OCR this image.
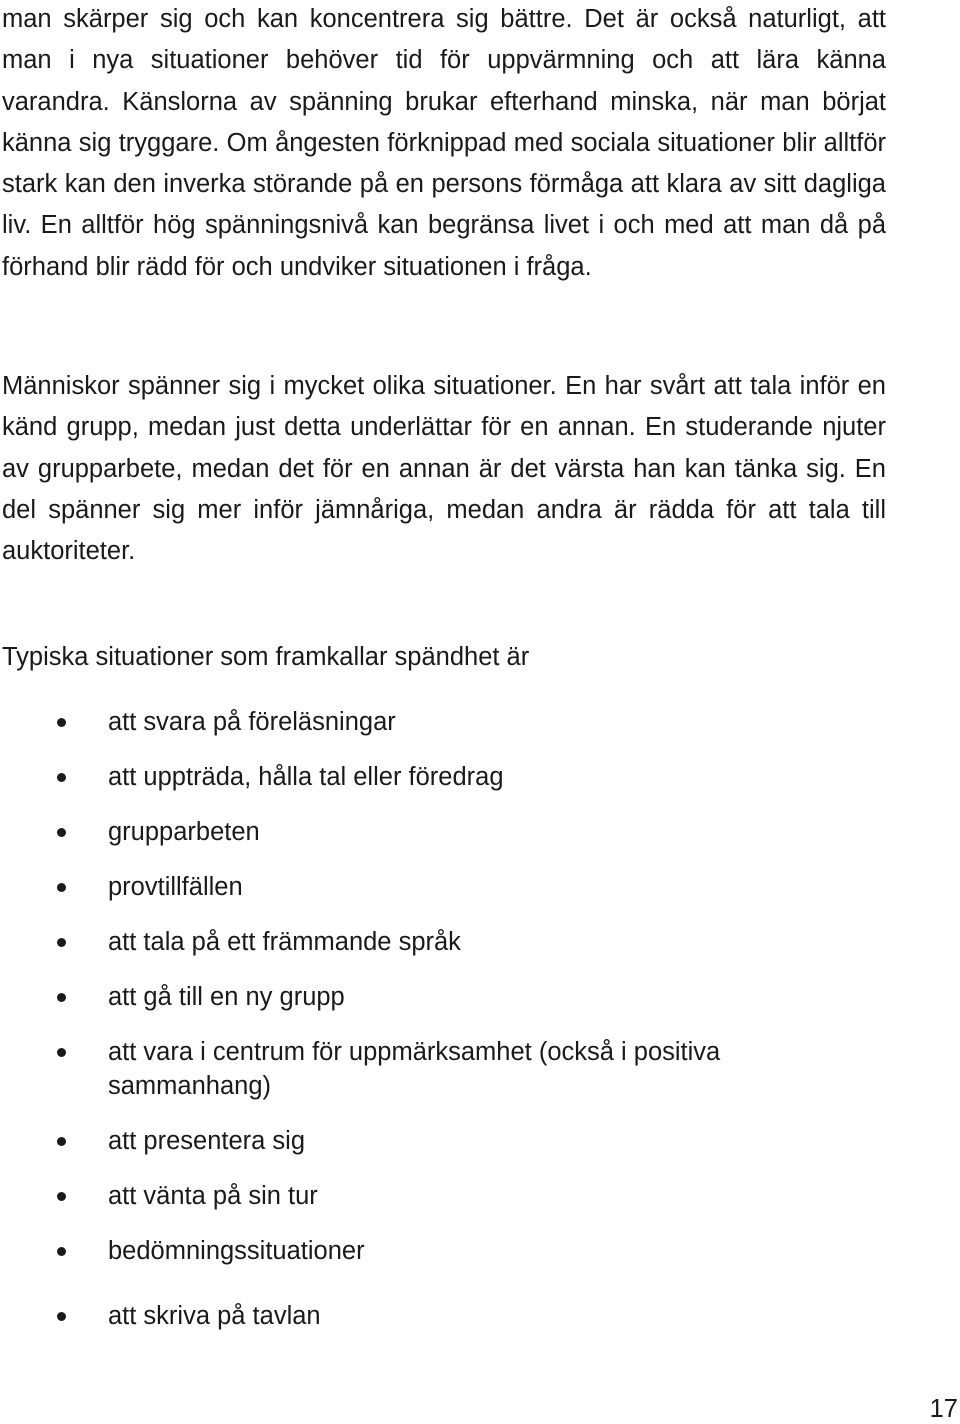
man skärper sig och kan koncentrera sig bättre. Det är också naturligt, att man i nya situationer behöver tid för uppvärmning och att lära känna varandra. Känslorna av spänning brukar efterhand minska, när man börjat känna sig tryggare. Om ångesten förknippad med sociala situationer blir alltför stark kan den inverka störande på en persons förmåga att klara av sitt dagliga liv. En alltför hög spänningsnivå kan begränsa livet i och med att man då på förhand blir rädd för och undviker situationen i fråga.

Människor spänner sig i mycket olika situationer. En har svårt att tala inför en känd grupp, medan just detta underlättar för en annan. En studerande njuter av grupparbete, medan det för en annan är det värsta han kan tänka sig. En del spänner sig mer inför jämnåriga, medan andra är rädda för att tala till auktoriteter.

Typiska situationer som framkallar spändhet är

att svara på föreläsningar
att uppträda, hålla tal eller föredrag
grupparbeten
provtillfällen
att tala på ett främmande språk
att gå till en ny grupp
att vara i centrum för uppmärksamhet (också i positiva sammanhang)
att presentera sig
att vänta på sin tur
bedömningssituationer
att skriva på tavlan
17
